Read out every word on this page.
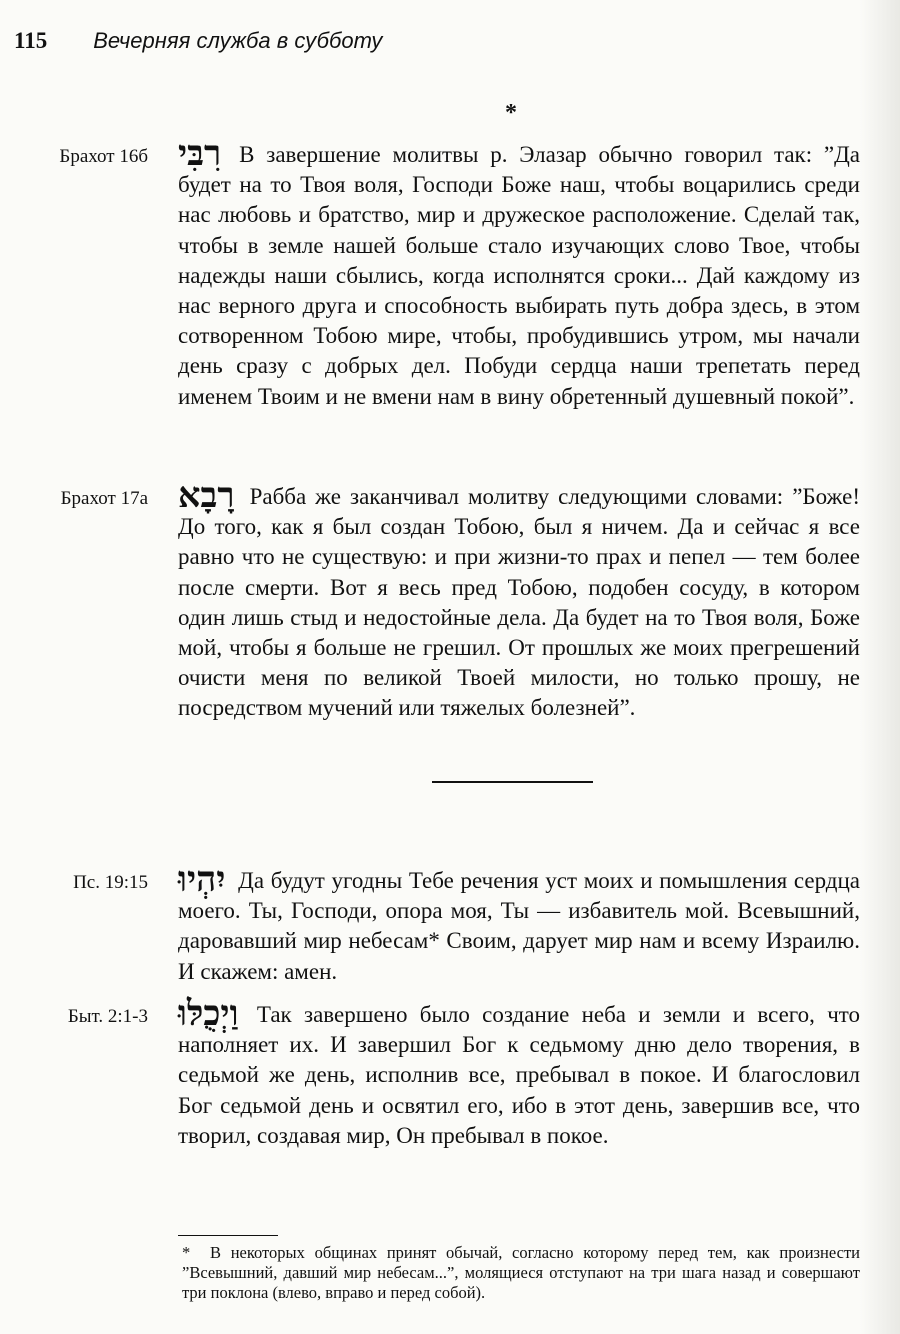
115 Вечерняя служба в субботу
*
Брахот 16б רִבִּי В завершение молитвы р. Элазар обычно говорил так: ”Да будет на то Твоя воля, Господи Боже наш, чтобы воцарились среди нас любовь и братство, мир и дружеское расположение. Сделай так, чтобы в земле нашей больше стало изучающих слово Твое, чтобы надежды наши сбылись, когда исполнятся сроки... Дай каждому из нас верного друга и способность выбирать путь добра здесь, в этом сотворенном Тобою мире, чтобы, пробудившись утром, мы начали день сразу с добрых дел. Побуди сердца наши трепетать перед именем Твоим и не вмени нам в вину обретенный душевный покой”.

Брахот 17а רָבָא Рабба же заканчивал молитву следующими словами: ”Боже! До того, как я был создан Тобою, был я ничем. Да и сейчас я все равно что не существую: и при жизни-то прах и пепел — тем более после смерти. Вот я весь пред Тобою, подобен сосуду, в котором один лишь стыд и недостойные дела. Да будет на то Твоя воля, Боже мой, чтобы я больше не грешил. От прошлых же моих прегрешений очисти меня по великой Твоей милости, но только прошу, не посредством мучений или тяжелых болезней”.

Пс. 19:15 יִהְיוּ Да будут угодны Тебе речения уст моих и помышления сердца моего. Ты, Господи, опора моя, Ты — избавитель мой. Всевышний, даровавший мир небесам* Своим, дарует мир нам и всему Израилю. И скажем: амен.

Быт. 2:1-3 וַיְכֻלּוּ Так завершено было создание неба и земли и всего, что наполняет их. И завершил Бог к седьмому дню дело творения, в седьмой же день, исполнив все, пребывал в покое. И благословил Бог седьмой день и освятил его, ибо в этот день, завершив все, что творил, создавая мир, Он пребывал в покое.

* В некоторых общинах принят обычай, согласно которому перед тем, как произнести ”Всевышний, давший мир небесам...”, молящиеся отступают на три шага назад и совершают три поклона (влево, вправо и перед собой).
